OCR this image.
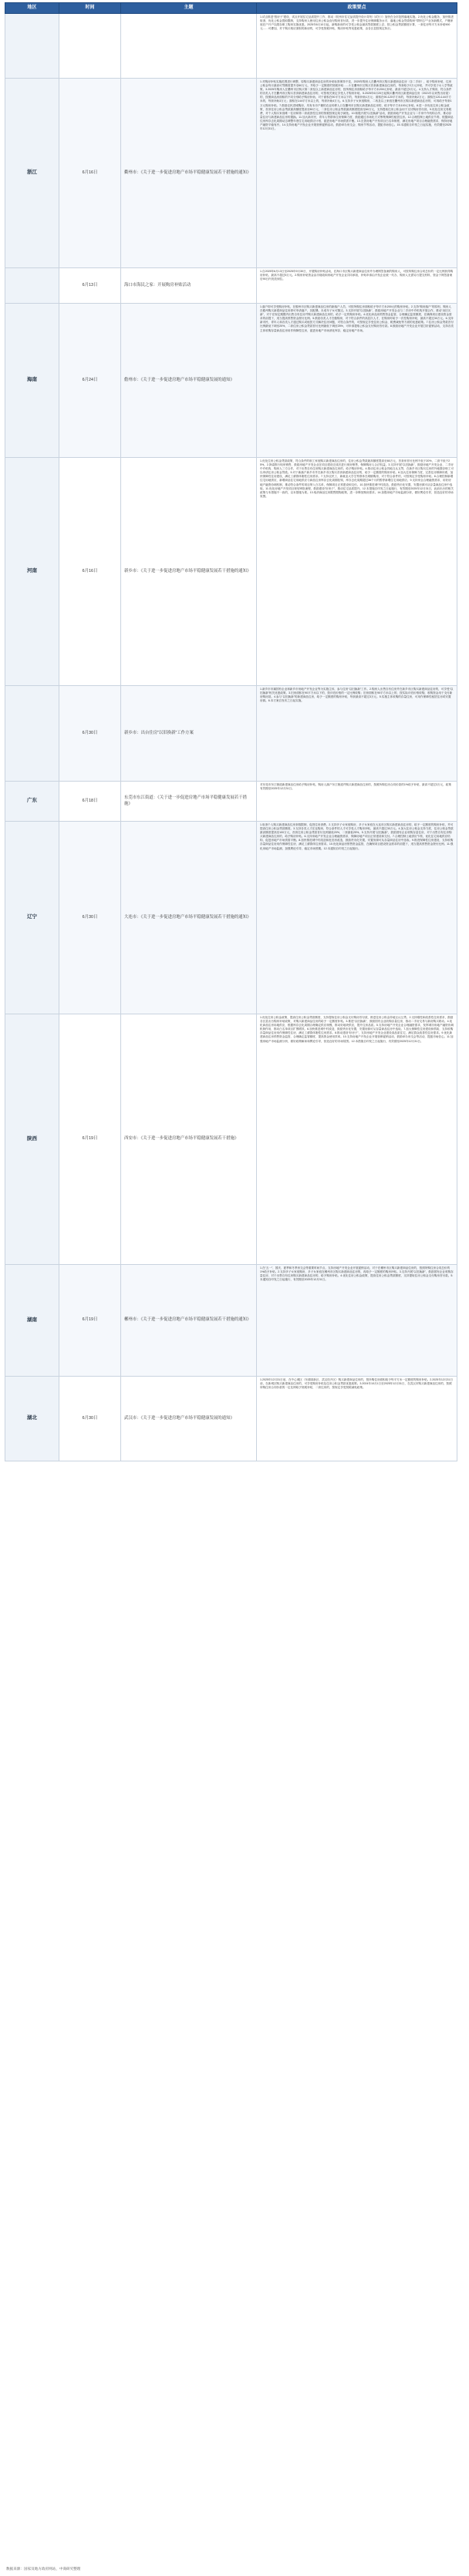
地区	时间	主题	政策要点

			1.试点推进“按房子”建设，试点开展住宅品质提升工作，推动《杭州市住宅品质提升设计导则（试行）》加快在全市范围落地实施。2.优化公积金服务，加快推进取消、优化公积金提取限制，支持购房人使用住房公积金直付购房首付款，进一步提升住房保障服务水平，落地公积金贷款购房“带押过户”业务新模式，户籍家庭在户开户以缴存职工购房实施优惠。2025年6月10日起，新购新房的可享受公积金最高贷款额度上浮，按公积金贷款额度计算，一套住房每平方米补贴900元……可叠加，对于购买相应面积的新房的，可享受契税补贴、购房补贴等优惠政策，由各区县按规定执行。

浙江	6月16日	衢州市：《关于进一步促进房地产市场平稳健康发展若干措施的通知》	1.对购房补贴实施范围进行调整，原购买新建商品住房的补贴标准保持不变，2025年购房人在衢州市区购买新建商品住房（含二手房），给予购房补贴，住房公积金每月最高可贷额度提升至60万元，并给予一定额度的契税补贴……2.在衢州市区购买首套新建商品住房的，每套给予2万元补贴，并可享受子女入学等政策。3.2025年购房人在衢州市区购买第二套及以上新建商品住房的，按所购住房面积给予每平方米200元补贴，最高不超过3万元。4.支持人才购房，符合条件的各类人才在衢州市区购买首套新建商品住房的，可按相关规定享受人才购房补贴。5.2025年6月20日起购买衢州市区新建商品住房（2021年以来售出房屋）的，按照商品房面积的不同分别给予购房补助，对于面积在90平方米以下的，每套补助1万元；面积在90-120平方米的，每套补助2万元；面积在120-144平方米的，每套补助3万元；面积在144平方米以上的，每套补助4万元。6.支持多子女家庭购房，二孩及以上家庭在衢州市区购买新建商品住房的，可再给予每套1万元购房补贴。7.鼓励农民进城购房，具有本市户籍的农业转移人口在衢州市区购买新建商品住房的，给予每平方米100元补贴。8.进一步优化住房公积金政策，首套住房公积金贷款最高额度提高至80万元，二套住房公积金贷款最高额度提高至60万元，支持提取住房公积金用于支付购房首付款。9.优化住房交易税费，对个人购买家庭唯一住房和第二套改善性住房的契税按规定给予减免。10.积极开展“以旧换新”活动，鼓励房地产开发企业与二手房中介机构合作，推动存量住房与新建商品住房的置换。11.加大新市民、青年人等群体住房保障力度，鼓励通过市场化方式筹集保障性租赁住房。12.合理控制土地供应节奏，根据商品住房库存去化周期动态调整年度住宅用地供应计划，促进房地产市场供需平衡。13.完善房地产开发项目白名单制度，满足房地产项目合理融资需求，保持房地产融资平稳有序。14.支持房地产开发企业开展营销促销活动，鼓励举办房交会、购房节等活动，提振市场信心。15.本通知自印发之日起实施，有效期至2025年12月31日。

	6月13日	海口市海民之家：开展购房补贴活动	1.自2025年6月13日至2025年9月30日，开展购房补贴活动，在海口市区购买新建商品住房并办理网签备案的购房人，可按所购住房合同总价的一定比例获得购房补贴，最高不超过5万元。2.购房补贴资金由市财政和房地产开发企业共同承担，补贴申请由开发企业统一代办，购房人无需另行提交材料，资金于网签备案后90日内发放到位。

海南	6月24日	儋州市：《关于进一步促进房地产市场平稳健康发展的通知》	1.落户即可享受购房补贴，在儋州市区购买新建商品住房的新落户人员，可按所购住房面积给予每平方米200元的购房补贴。2.支持“购房落户”的原则，购房人在儋州购买新建商品住房即可申请落户，其配偶、未成年子女可随迁。3.支持开展“以旧换新”，鼓励房地产开发企业与二手房中介机构开展合作，推动“卖旧买新”，对于在规定期限内出售自有住房并购买新建商品住房的，给予一定的购房补贴。4.优化商品房预售资金监管，合理确定监管额度，在确保项目建设资金需求的前提下，适当提高预售资金拨付比例。5.鼓励各类人才在儋购房，对于符合条件的高层次人才，在购房时给予一次性购房补贴，最高不超过30万元。6.支持新市民、青年人和各类人才通过购买或租赁方式解决住房问题，对符合条件的，可按规定享受住房公积金、税费减免等方面的优惠政策。7.住房公积金贷款首付比例最低下调至20%，二套住房公积金贷款首付比例最低下调至25%，可申请提取公积金支付购房首付款。8.鼓励房地产开发企业开展打折促销活动，支持各类主体收购存量商品住房用作保障性住房，促进房地产市场消化库存，稳定房地产市场。

河南	6月16日	新乡市：《关于进一步促进房地产市场平稳健康发展若干措施的通知》	1.优化住房公积金贷款政策，符合条件的职工家庭购买新建商品住房的，住房公积金贷款最高额度提高至80万元，首套房首付比例不低于20%，二套不低于25%。2.探索推行现房销售，鼓励房地产开发企业在项目建设完成后进行现房销售，保障购房人合法权益。3.支持开展“以旧换新”，鼓励房地产开发企业、二手房中介机构、购房人三方合作，对于出售自有住房购买新建商品住房的，给予购房补贴。4.推动住房公积金异地互认互贷，在新乡市区购买住房的外地缴存职工可以申请住房公积金贷款。5.对于新落户新乡市并在新乡市区购买首套新建商品住房的，给予一定额度的购房补贴。6.加大住房保障力度，完善住房保障体系，加快保障性住房建设，满足工薪群体刚性住房需求。7.支持农民工、新就业大学生等群体在城镇购房，对于符合条件的，可按规定享受购房补贴。8.合理控制新增住宅用地供应，新增商品住宅用地供应与商品住房库存去化周期挂钩，库存去化周期超过36个月的暂停新增住宅用地供应。9.支持房企合理融资需求，用好房地产融资协调机制，推动符合条件的项目纳入白名单，保障项目正常建设和交付。10.加快推进城中村改造，鼓励货币化安置，安置房源可从存量商品住房中选取。11.优化房地产开发项目规划审批流程，鼓励建设“好房子”，推动住宅品质提升。12.本措施自印发之日起施行，有效期至2025年12月31日，此前出台的相关政策与本措施不一致的，以本措施为准。13.取消商品住房限售限购政策，进一步释放购房需求。14.加强房地产市场监测分析，做好舆论引导，营造良好的市场氛围。

	6月30日	新乡市：出台住房“以旧换新”工作方案	1.新乡市市属国有企业和新乡市房地产开发企业等为实施主体，参与住房“以旧换新”工作。2.购房人出售自有住房并在新乡市区购买新建商品住房的，可享受“以旧换新”相关优惠政策。3.旧房面积在90平方米以下的，按评估价格的一定比例收购；旧房面积在90平方米以上的，按实际评估价格收购，收购资金用于支付新房购房款。4.参与“以旧换新”的新建商品住房，给予一定额度的购房补贴，每套最高不超过3万元。5.实施主体收购的存量住房，可用作保障性租赁住房或安置房源。6.本方案自发布之日起实施。

广东	6月18日	东莞市东江街道：《关于进一步促进房地产市场平稳健康发展若干措施》	对东莞市东江街道新建商品住房给予购房补贴，购房人落户东江街道并购买新建商品住房的，按照所购住房合同价款的1%给予补贴，最高不超过3万元，政策有效期至2025年12月31日。

辽宁	6月30日	大连市：《关于进一步促进房地产市场平稳健康发展若干措施的通知》	1.取消个人购买新建商品住房套数限制，促进住房消费。2.支持多子女家庭购房，多子女家庭在大连市区购买新建商品住房的，给予一定额度的购房补贴，并可提高住房公积金贷款额度。3.支持各类人才在连购房，符合条件的人才可享受人才购房补贴，最高不超过30万元。4.加大住房公积金支持力度，住房公积金贷款最高额度提高至100万元，首套住房公积金贷款首付比例最低20%，二套最低25%。5.支持开展“以旧换新”，鼓励国有企业收购存量住房，对于出售自有住房购买新建商品住房的，给予购房补贴。6.支持房地产开发企业合理融资需求，保障房地产项目正常建设和交付。7.合理控制土地供应节奏，优化住宅用地供应结构，促进房地产市场供需平衡。8.加快推进城中村改造和危旧房改造，鼓励货币化安置，安置房源可从存量商品住房中选取。9.推进保障性住房建设，支持收购存量商品住房用作保障性住房，满足工薪群体住房需求。10.优化商品房预售资金监管，在确保项目建设资金需求的前提下，适当提高预售资金拨付比例。11.强化房地产市场监测，加强舆论引导，稳定市场预期。12.本通知自印发之日起施行。

陕西	6月19日	西安市：《关于进一步促进房地产市场平稳健康发展若干措施》	1.优化住房公积金政策，提高住房公积金贷款额度，支持提取住房公积金支付购房首付款，推进住房公积金异地互认互贷。2.支持刚性和改善性住房需求，鼓励各区县出台购房补贴政策，对购买新建商品住房的给予一定额度补贴。3.推进“以旧换新”，鼓励国有企业收购存量住房，推动二手房交易与新房购买联动。4.优化商品住房用地供应，根据库存去化周期合理确定供应规模，推动好地块供应，提升住房品质。5.支持房地产开发企业合理融资需求，发挥城市房地产融资协调机制作用，推动白名单项目扩围增效。6.加快推进城中村改造，鼓励货币化安置，安置房源可从存量商品住房中选取。7.加大保障性住房建设和供给，支持收购存量商品住房用作保障性住房，满足工薪群体刚性住房需求。8.推动建设“好房子”，支持房地产开发企业建设高品质住宅，满足群众改善性住房需求。9.优化新建商品住房预售资金监管，合理确定监管额度，提高资金使用效率。10.支持房地产开发企业开展营销促销活动，鼓励举办房交会等活动，提振市场信心。11.加强房地产市场监测分析，做好政策解读和舆论引导，营造良好的市场氛围。12.本措施自印发之日起施行，有效期至2025年12月31日。

湖南	6月19日	郴州市：《关于进一步促进房地产市场平稳健康发展若干措施的通知》	1.在“五一”、国庆、夏季和冬季房交会等重要时间节点，支持房地产开发企业开展促销活动，对于在郴州市区购买新建商品住房的，按照所购住房合同总价的1%给予补贴。2.支持多子女家庭购房，多子女家庭在郴州市区购买新建商品住房的，再给予一定额度的购房补贴。3.支持开展“以旧换新”，鼓励国有企业收购存量住房，对于出售自有住房购买新建商品住房的，给予购房补贴。4.优化住房公积金政策，提高住房公积金贷款额度，支持提取住房公积金支付购房首付款。5.本通知自印发之日起施行，有效期至2025年12月31日。

湖北	6月30日	武汉市：《关于进一步促进房地产市场平稳健康发展的通知》	1.2025年12月31日前，在中心城区（东湖高新区、武汉经开区）购买新建商品住房的，按所购住房面积给予每平方米一定额度的购房补贴。2.2025年12月31日前，在新城区购买新建商品住房的，可享受购房补贴及住房公积金贷款优惠政策。3.2024年10月1日至2025年12月31日，在武汉市购买新建商品住房的，按照所购住房合同价款的一定比例给予契税补贴，二套住房的，按规定享受契税减免政策。
数据来源：国家及地方政府网站，中商研究整理
